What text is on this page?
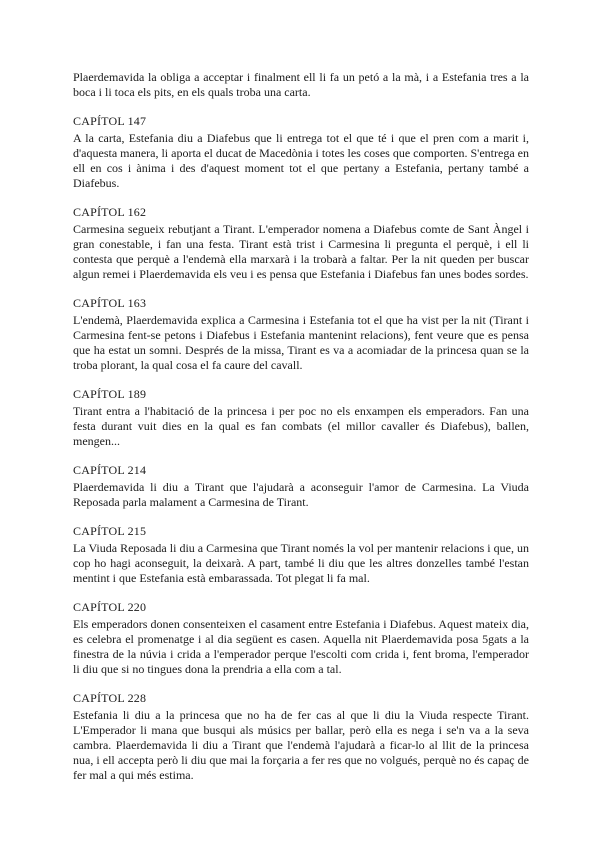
Plaerdemavida la obliga a acceptar i finalment ell li fa un petó a la mà, i a Estefania tres a la boca i li toca els pits, en els quals troba una carta.

CAPÍTOL 147

A la carta, Estefania diu a Diafebus que li entrega tot el que té i que el pren com a marit i, d'aquesta manera, li aporta el ducat de Macedònia i totes les coses que comporten. S'entrega en ell en cos i ànima i des d'aquest moment tot el que pertany a Estefania, pertany també a Diafebus.

CAPÍTOL 162

Carmesina segueix rebutjant a Tirant. L'emperador nomena a Diafebus comte de Sant Àngel i gran conestable, i fan una festa. Tirant està trist i Carmesina li pregunta el perquè, i ell li contesta que perquè a l'endemà ella marxarà i la trobarà a faltar. Per la nit queden per buscar algun remei i Plaerdemavida els veu i es pensa que Estefania i Diafebus fan unes bodes sordes.

CAPÍTOL 163

L'endemà, Plaerdemavida explica a Carmesina i Estefania tot el que ha vist per la nit (Tirant i Carmesina fent-se petons i Diafebus i Estefania mantenint relacions), fent veure que es pensa que ha estat un somni. Després de la missa, Tirant es va a acomiadar de la princesa quan se la troba plorant, la qual cosa el fa caure del cavall.

CAPÍTOL 189

Tirant entra a l'habitació de la princesa i per poc no els enxampen els emperadors. Fan una festa durant vuit dies en la qual es fan combats (el millor cavaller és Diafebus), ballen, mengen...

CAPÍTOL 214

Plaerdemavida li diu a Tirant que l'ajudarà a aconseguir l'amor de Carmesina. La Viuda Reposada parla malament a Carmesina de Tirant.

CAPÍTOL 215

La Viuda Reposada li diu a Carmesina que Tirant només la vol per mantenir relacions i que, un cop ho hagi aconseguit, la deixarà. A part, també li diu que les altres donzelles també l'estan mentint i que Estefania està embarassada. Tot plegat li fa mal.

CAPÍTOL 220

Els emperadors donen consenteixen el casament entre Estefania i Diafebus. Aquest mateix dia, es celebra el promenatge i al dia següent es casen. Aquella nit Plaerdemavida posa 5gats a la finestra de la núvia i crida a l'emperador perque l'escolti com crida i, fent broma, l'emperador li diu que si no tingues dona la prendria a ella com a tal.

CAPÍTOL 228

Estefania li diu a la princesa que no ha de fer cas al que li diu la Viuda respecte Tirant. L'Emperador li mana que busqui als músics per ballar, però ella es nega i se'n va a la seva cambra. Plaerdemavida li diu a Tirant que l'endemà l'ajudarà a ficar-lo al llit de la princesa nua, i ell accepta però li diu que mai la forçaria a fer res que no volgués, perquè no és capaç de fer mal a qui més estima.
